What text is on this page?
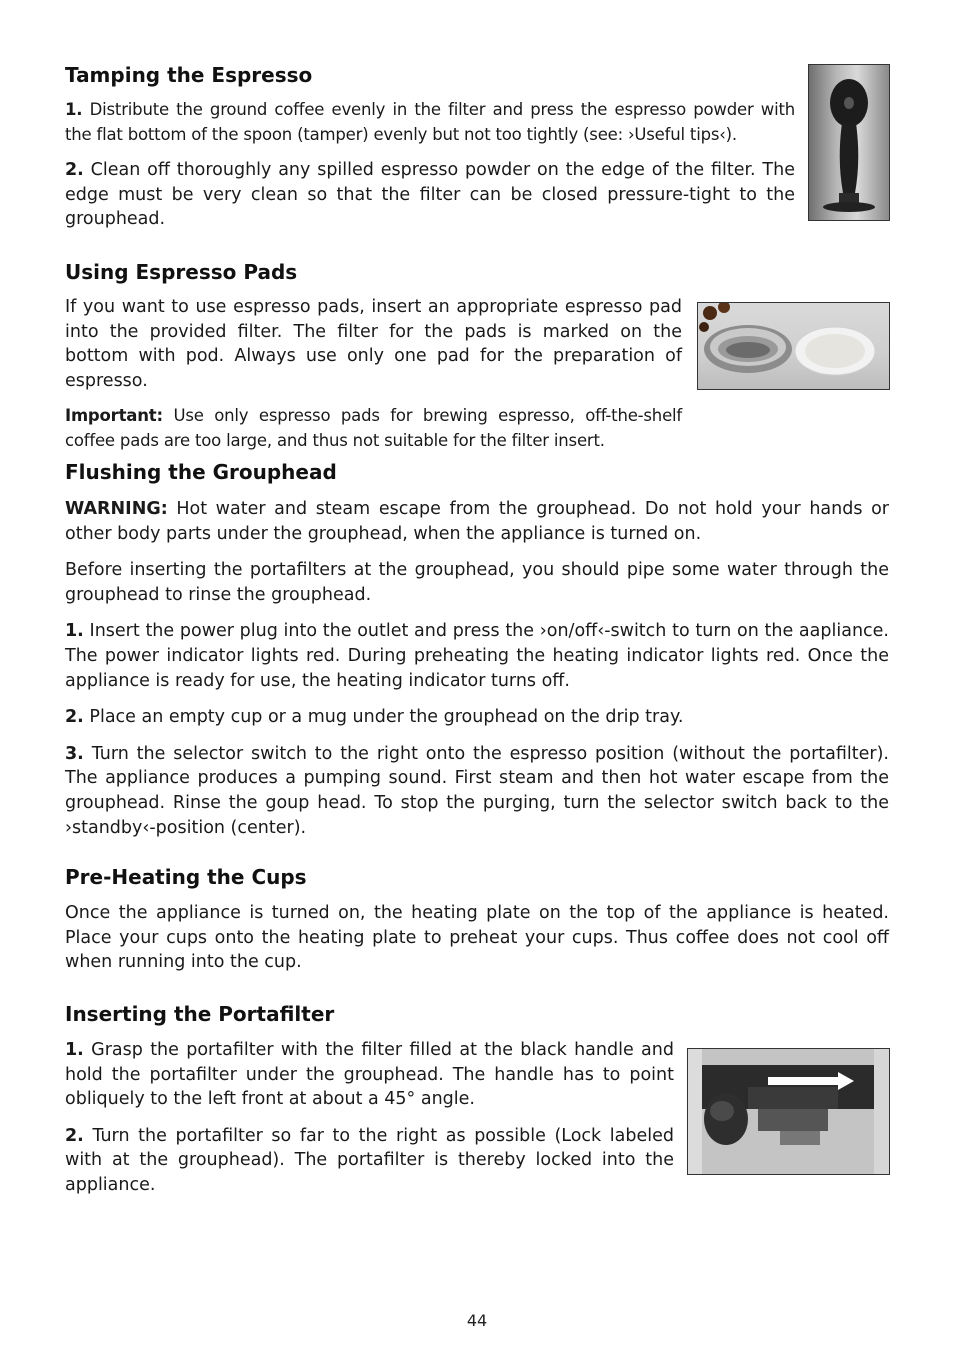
Tamping the Espresso

1. Distribute the ground coffee evenly in the filter and press the espresso powder with the flat bottom of the spoon (tamper) evenly but not too tightly (see: ›Useful tips‹).

2. Clean off thoroughly any spilled espresso powder on the edge of the filter. The edge must be very clean so that the filter can be closed pressure-tight to the grouphead.

Using Espresso Pads

If you want to use espresso pads, insert an appropriate espresso pad into the provided filter. The filter for the pads is marked on the bottom with pod. Always use only one pad for the preparation of espresso.

Important: Use only espresso pads for brewing espresso, off-the-shelf coffee pads are too large, and thus not suitable for the filter insert.

Flushing the Grouphead

WARNING: Hot water and steam escape from the grouphead. Do not hold your hands or other body parts under the grouphead, when the appliance is turned on.

Before inserting the portafilters at the grouphead, you should pipe some water through the grouphead to rinse the grouphead.

1. Insert the power plug into the outlet and press the ›on/off‹-switch to turn on the aapliance. The power indicator lights red. During preheating the heating indicator lights red. Once the appliance is ready for use, the heating indicator turns off.

2. Place an empty cup or a mug under the grouphead on the drip tray.

3. Turn the selector switch to the right onto the espresso position (without the portafilter). The appliance produces a pumping sound. First steam and then hot water escape from the grouphead. Rinse the goup head. To stop the purging, turn the selector switch back to the ›standby‹-position (center).

Pre-Heating the Cups

Once the appliance is turned on, the heating plate on the top of the appliance is heated. Place your cups onto the heating plate to preheat your cups. Thus coffee does not cool off when running into the cup.

Inserting the Portafilter

1. Grasp the portafilter with the filter filled at the black handle and hold the portafilter under the grouphead. The handle has to point obliquely to the left front at about a 45° angle.

2. Turn the portafilter so far to the right as possible (Lock labeled with at the grouphead). The portafilter is thereby locked into the appliance.

44
